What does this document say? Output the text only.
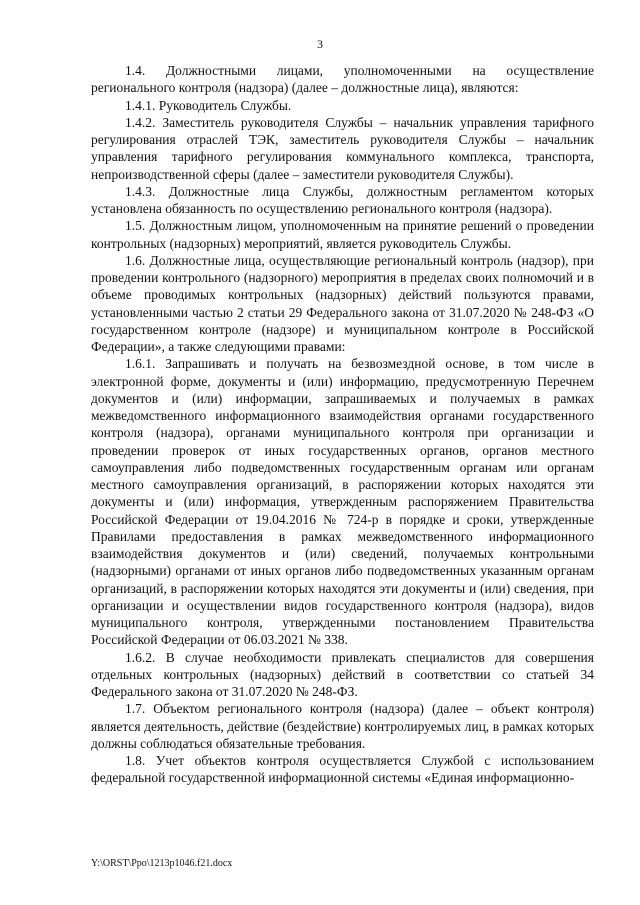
3

1.4. Должностными лицами, уполномоченными на осуществление регионального контроля (надзора) (далее – должностные лица), являются:

1.4.1. Руководитель Службы.

1.4.2. Заместитель руководителя Службы – начальник управления тарифного регулирования отраслей ТЭК, заместитель руководителя Службы – начальник управления тарифного регулирования коммунального комплекса, транспорта, непроизводственной сферы (далее – заместители руководителя Службы).

1.4.3. Должностные лица Службы, должностным регламентом которых установлена обязанность по осуществлению регионального контроля (надзора).

1.5. Должностным лицом, уполномоченным на принятие решений о проведении контрольных (надзорных) мероприятий, является руководитель Службы.

1.6. Должностные лица, осуществляющие региональный контроль (надзор), при проведении контрольного (надзорного) мероприятия в пределах своих полномочий и в объеме проводимых контрольных (надзорных) действий пользуются правами, установленными частью 2 статьи 29 Федерального закона от 31.07.2020 № 248-ФЗ «О государственном контроле (надзоре) и муниципальном контроле в Российской Федерации», а также следующими правами:

1.6.1. Запрашивать и получать на безвозмездной основе, в том числе в электронной форме, документы и (или) информацию, предусмотренную Перечнем документов и (или) информации, запрашиваемых и получаемых в рамках межведомственного информационного взаимодействия органами государственного контроля (надзора), органами муниципального контроля при организации и проведении проверок от иных государственных органов, органов местного самоуправления либо подведомственных государственным органам или органам местного самоуправления организаций, в распоряжении которых находятся эти документы и (или) информация, утвержденным распоряжением Правительства Российской Федерации от 19.04.2016 № 724-р в порядке и сроки, утвержденные Правилами предоставления в рамках межведомственного информационного взаимодействия документов и (или) сведений, получаемых контрольными (надзорными) органами от иных органов либо подведомственных указанным органам организаций, в распоряжении которых находятся эти документы и (или) сведения, при организации и осуществлении видов государственного контроля (надзора), видов муниципального контроля, утвержденными постановлением Правительства Российской Федерации от 06.03.2021 № 338.

1.6.2. В случае необходимости привлекать специалистов для совершения отдельных контрольных (надзорных) действий в соответствии со статьей 34 Федерального закона от 31.07.2020 № 248-ФЗ.

1.7. Объектом регионального контроля (надзора) (далее – объект контроля) является деятельность, действие (бездействие) контролируемых лиц, в рамках которых должны соблюдаться обязательные требования.

1.8. Учет объектов контроля осуществляется Службой с использованием федеральной государственной информационной системы «Единая информационно-

Y:\ORST\Ppo\1213p1046.f21.docx
